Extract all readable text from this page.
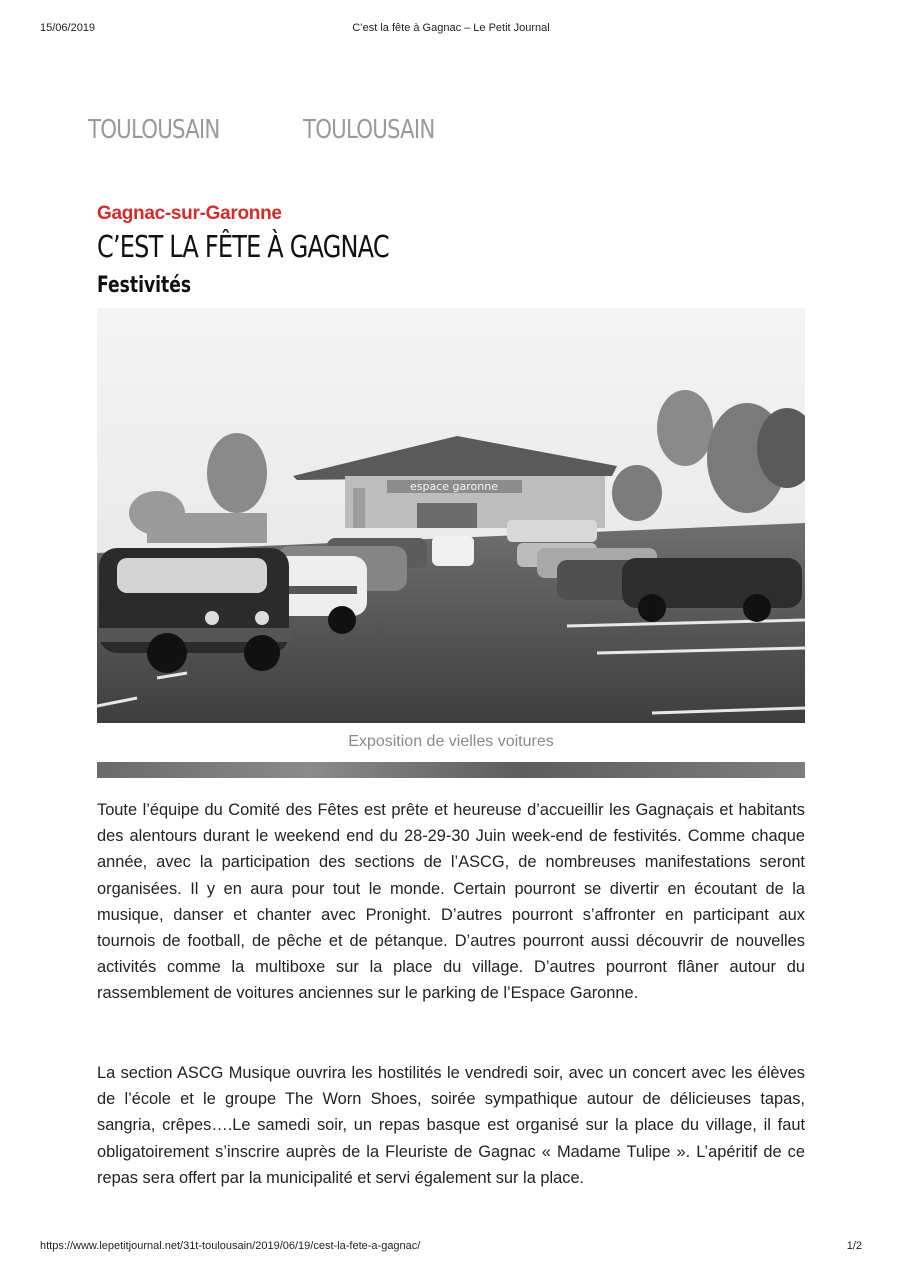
15/06/2019	C’est la fête à Gagnac – Le Petit Journal
TOULOUSAIN	TOULOUSAIN
Gagnac-sur-Garonne
C’EST LA FÊTE À GAGNAC
Festivités
espace garonne
Exposition de vielles voitures

Toute l’équipe du Comité des Fêtes est prête et heureuse d’accueillir les Gagnaçais et habitants des alentours durant le weekend end du 28-29-30 Juin week-end de festivités. Comme chaque année, avec la participation des sections de l’ASCG, de nombreuses manifestations seront organisées. Il y en aura pour tout le monde. Certain pourront se divertir en écoutant de la musique, danser et chanter avec Pronight. D’autres pourront s’affronter en participant aux tournois de football, de pêche et de pétanque. D’autres pourront aussi découvrir de nouvelles activités comme la multiboxe sur la place du village. D’autres pourront flâner autour du rassemblement de voitures anciennes sur le parking de l’Espace Garonne.

La section ASCG Musique ouvrira les hostilités le vendredi soir, avec un concert avec les élèves de l’école et le groupe The Worn Shoes, soirée sympathique autour de délicieuses tapas, sangria, crêpes….Le samedi soir, un repas basque est organisé sur la place du village, il faut obligatoirement s’inscrire auprès de la Fleuriste de Gagnac « Madame Tulipe ». L’apéritif de ce repas sera offert par la municipalité et servi également sur la place.

https://www.lepetitjournal.net/31t-toulousain/2019/06/19/cest-la-fete-a-gagnac/	1/2
